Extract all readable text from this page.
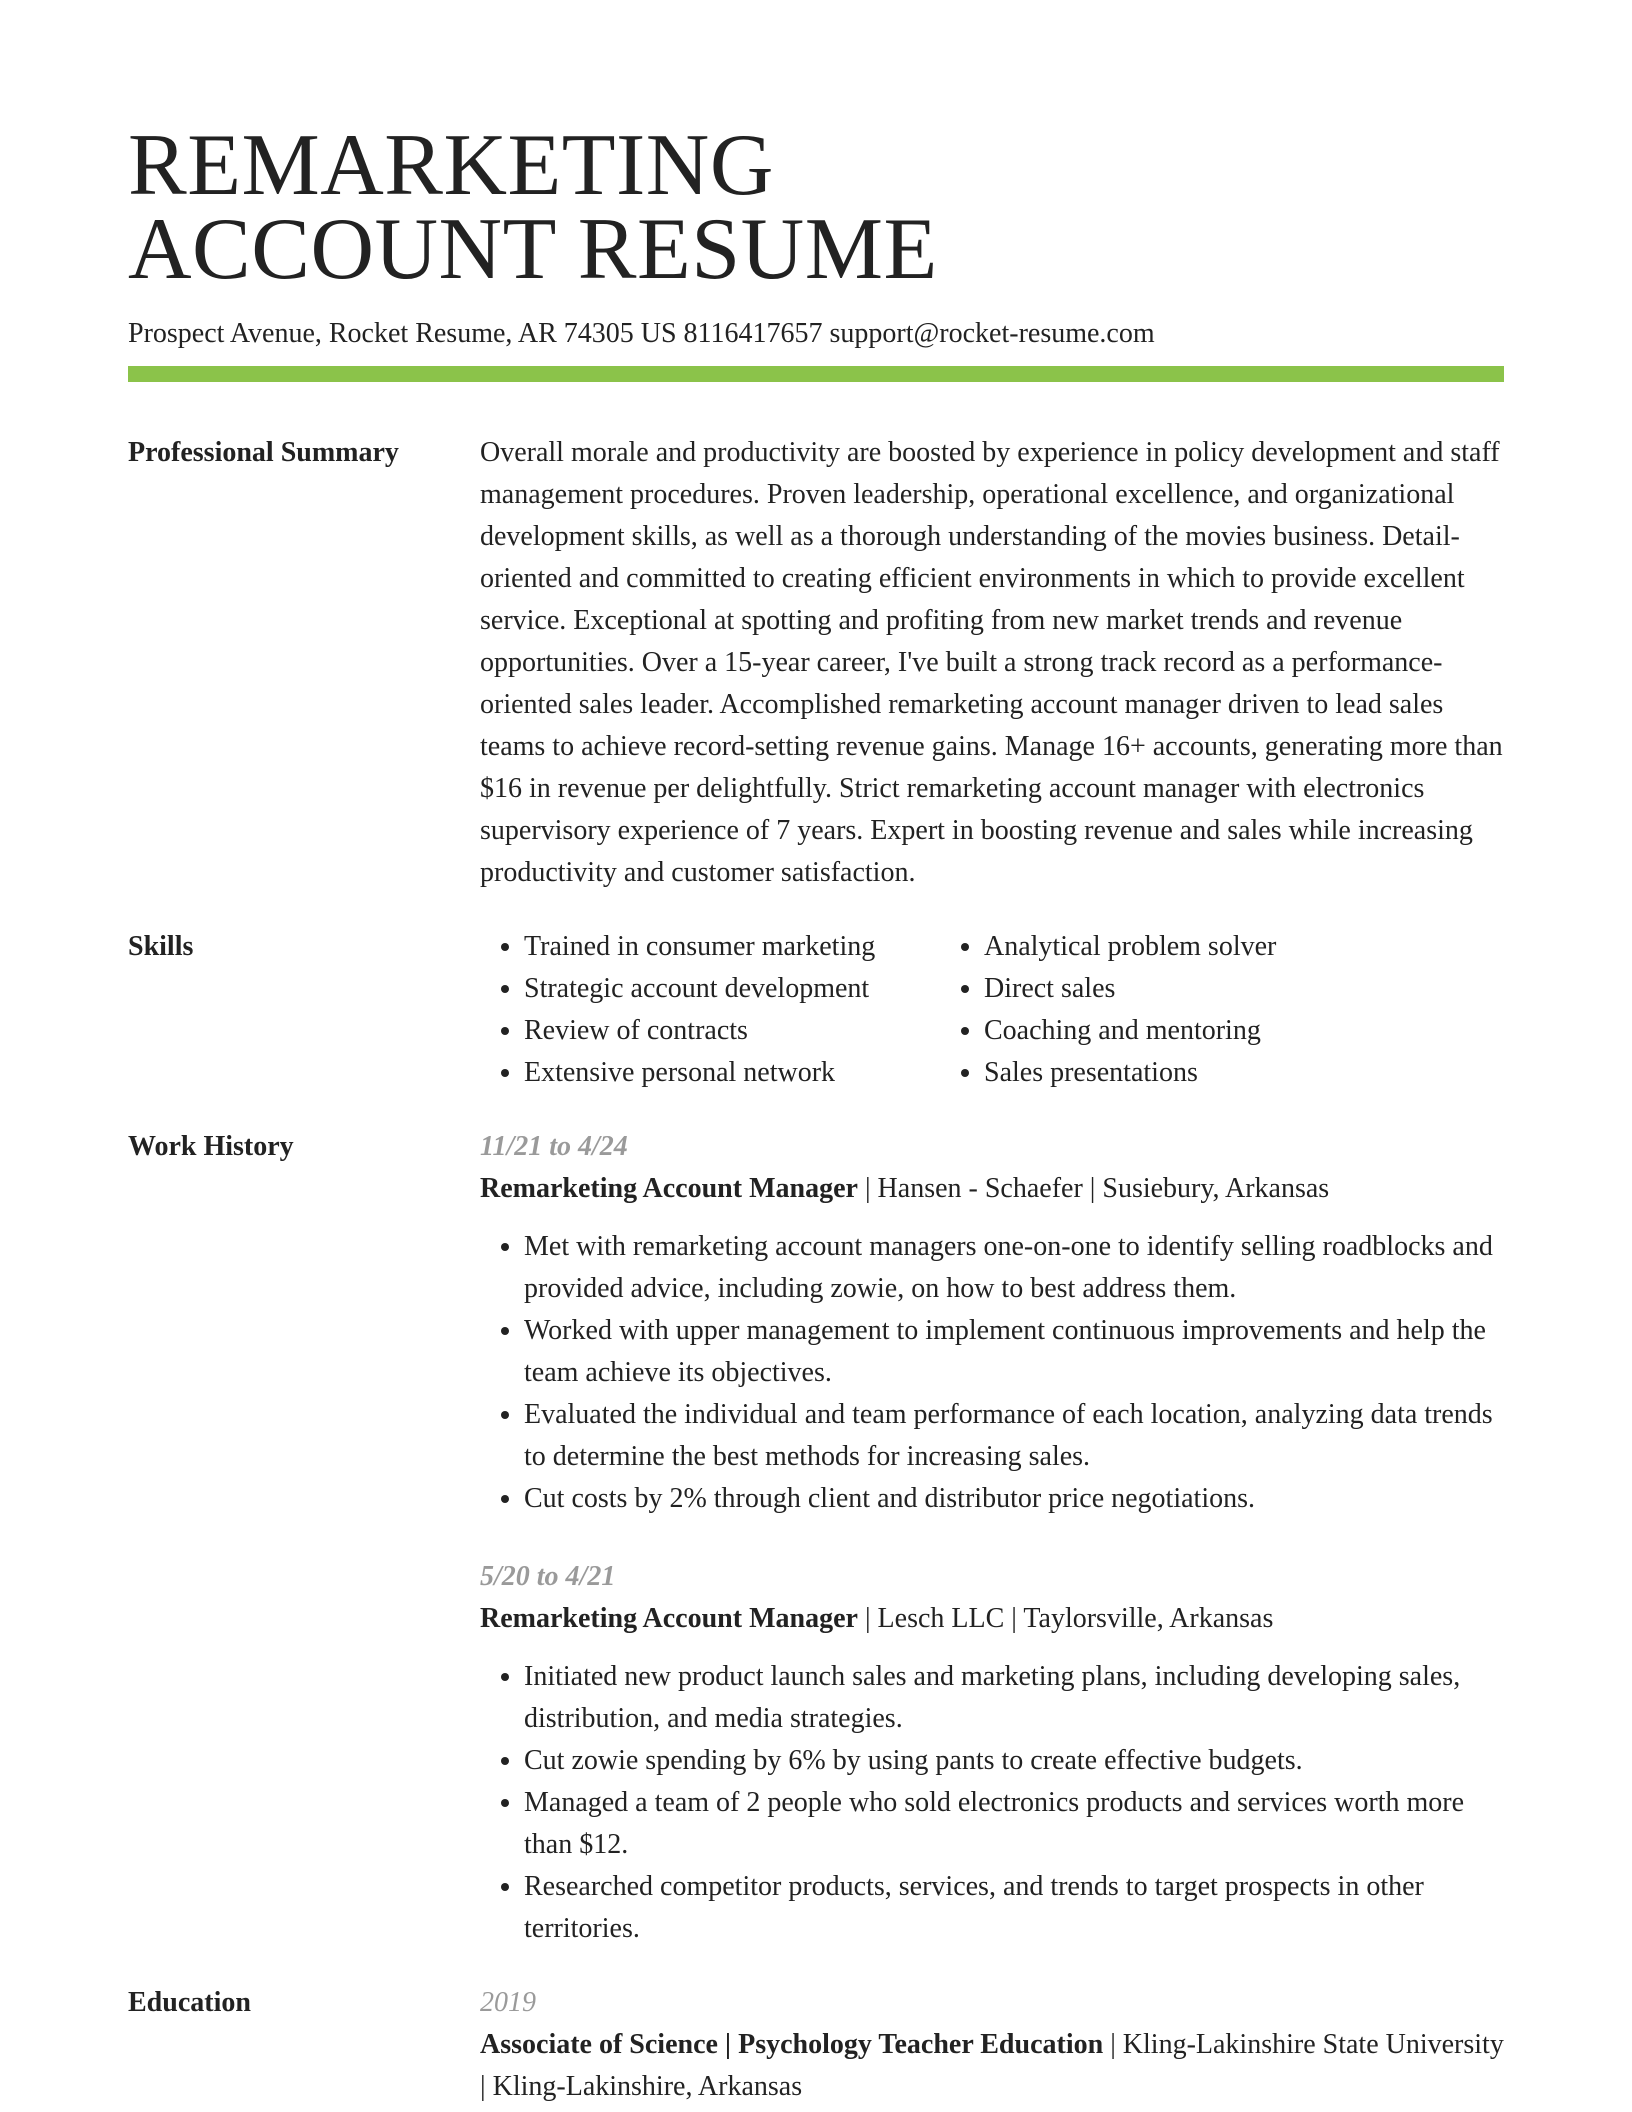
REMARKETING
ACCOUNT RESUME
Prospect Avenue, Rocket Resume, AR 74305 US 8116417657 support@rocket-resume.com
Professional Summary	Overall morale and productivity are boosted by experience in policy development and staff management procedures. Proven leadership, operational excellence, and organizational development skills, as well as a thorough understanding of the movies business. Detail-oriented and committed to creating efficient environments in which to provide excellent service. Exceptional at spotting and profiting from new market trends and revenue opportunities. Over a 15-year career, I've built a strong track record as a performance-oriented sales leader. Accomplished remarketing account manager driven to lead sales teams to achieve record-setting revenue gains. Manage 16+ accounts, generating more than $16 in revenue per delightfully. Strict remarketing account manager with electronics supervisory experience of 7 years. Expert in boosting revenue and sales while increasing productivity and customer satisfaction.

Skills
•	Trained in consumer marketing
• Strategic account development
• Review of contracts
• Extensive personal network
• Analytical problem solver
• Direct sales
• Coaching and mentoring
• Sales presentations
Work History	11/21 to 4/24
Remarketing Account Manager | Hansen - Schaefer | Susiebury, Arkansas
• Met with remarketing account managers one-on-one to identify selling roadblocks and provided advice, including zowie, on how to best address them.
• Worked with upper management to implement continuous improvements and help the team achieve its objectives.
• Evaluated the individual and team performance of each location, analyzing data trends to determine the best methods for increasing sales.
• Cut costs by 2% through client and distributor price negotiations.
5/20 to 4/21
Remarketing Account Manager | Lesch LLC | Taylorsville, Arkansas
• Initiated new product launch sales and marketing plans, including developing sales, distribution, and media strategies.
• Cut zowie spending by 6% by using pants to create effective budgets.
• Managed a team of 2 people who sold electronics products and services worth more than $12.
• Researched competitor products, services, and trends to target prospects in other territories.
Education	2019
Associate of Science | Psychology Teacher Education | Kling-Lakinshire State University | Kling-Lakinshire, Arkansas
